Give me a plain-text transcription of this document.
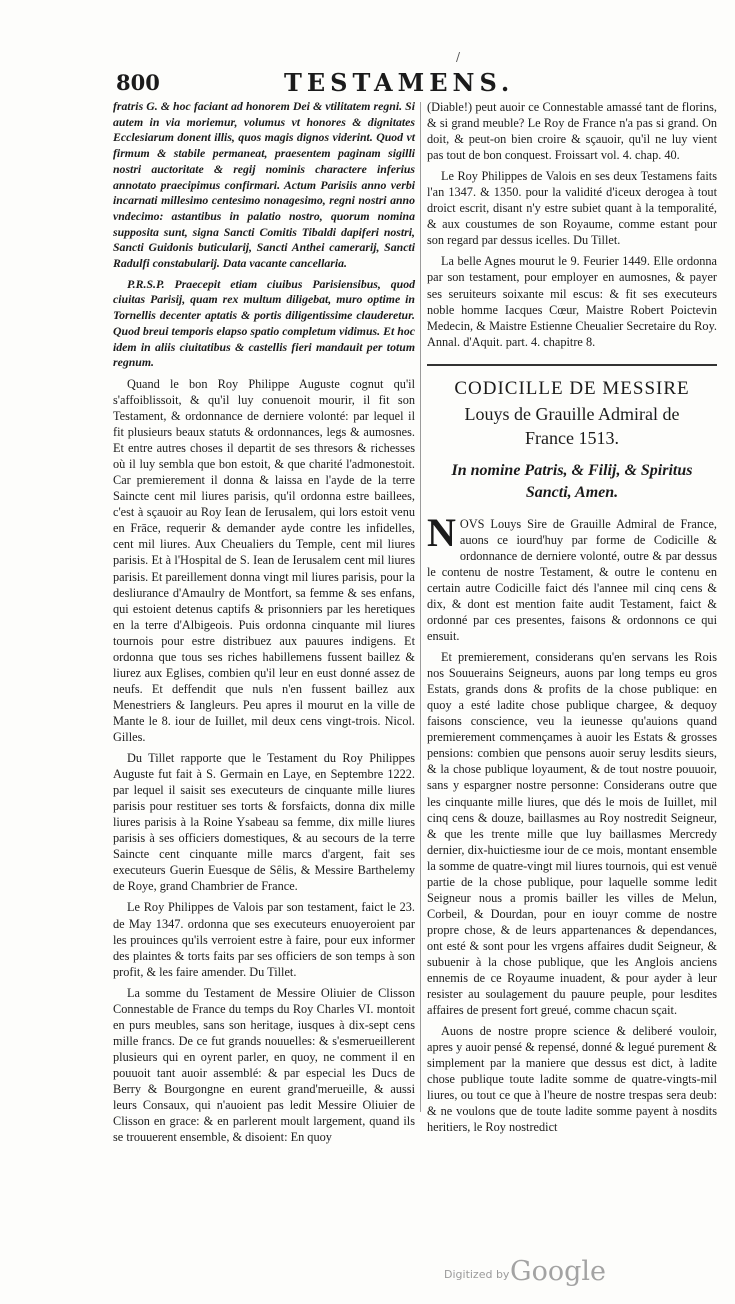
800	TESTAMENS.
/

fratris G. & hoc faciant ad honorem Dei & vtilitatem regni. Si autem in via moriemur, volumus vt honores & dignitates Ecclesiarum donent illis, quos magis dignos viderint. Quod vt firmum & stabile permaneat, praesentem paginam sigilli nostri auctoritate & regij nominis charactere inferius annotato praecipimus confirmari. Actum Parisiis anno verbi incarnati millesimo centesimo nonagesimo, regni nostri anno vndecimo: astantibus in palatio nostro, quorum nomina supposita sunt, signa Sancti Comitis Tibaldi dapiferi nostri, Sancti Guidonis buticularij, Sancti Anthei camerarij, Sancti Radulfi constabularij. Data vacante cancellaria.

P.R.S.P. Praecepit etiam ciuibus Parisiensibus, quod ciuitas Parisij, quam rex multum diligebat, muro optime in Tornellis decenter aptatis & portis diligentissime clauderetur. Quod breui temporis elapso spatio completum vidimus. Et hoc idem in aliis ciuitatibus & castellis fieri mandauit per totum regnum.

Quand le bon Roy Philippe Auguste cognut qu'il s'affoiblissoit, & qu'il luy conuenoit mourir, il fit son Testament, & ordonnance de derniere volonté: par lequel il fit plusieurs beaux statuts & ordonnances, legs & aumosnes. Et entre autres choses il departit de ses thresors & richesses où il luy sembla que bon estoit, & que charité l'admonestoit. Car premierement il donna & laissa en l'ayde de la terre Saincte cent mil liures parisis, qu'il ordonna estre baillees, c'est à sçauoir au Roy Iean de Ierusalem, qui lors estoit venu en Frāce, requerir & demander ayde contre les infidelles, cent mil liures. Aux Cheualiers du Temple, cent mil liures parisis. Et à l'Hospital de S. Iean de Ierusalem cent mil liures parisis. Et pareillement donna vingt mil liures parisis, pour la desliurance d'Amaulry de Montfort, sa femme & ses enfans, qui estoient detenus captifs & prisonniers par les heretiques en la terre d'Albigeois. Puis ordonna cinquante mil liures tournois pour estre distribuez aux pauures indigens. Et ordonna que tous ses riches habillemens fussent baillez & liurez aux Eglises, combien qu'il leur en eust donné assez de neufs. Et deffendit que nuls n'en fussent baillez aux Menestriers & Iangleurs. Peu apres il mourut en la ville de Mante le 8. iour de Iuillet, mil deux cens vingt-trois. Nicol. Gilles.

Du Tillet rapporte que le Testament du Roy Philippes Auguste fut fait à S. Germain en Laye, en Septembre 1222. par lequel il saisit ses executeurs de cinquante mille liures parisis pour restituer ses torts & forsfaicts, donna dix mille liures parisis à la Roine Ysabeau sa femme, dix mille liures parisis à ses officiers domestiques, & au secours de la terre Saincte cent cinquante mille marcs d'argent, fait ses executeurs Guerin Euesque de Sêlis, & Messire Barthelemy de Roye, grand Chambrier de France.

Le Roy Philippes de Valois par son testament, faict le 23. de May 1347. ordonna que ses executeurs enuoyeroient par les prouinces qu'ils verroient estre à faire, pour eux informer des plaintes & torts faits par ses officiers de son temps à son profit, & les faire amender. Du Tillet.

La somme du Testament de Messire Oliuier de Clisson Connestable de France du temps du Roy Charles VI. montoit en purs meubles, sans son heritage, iusques à dix-sept cens mille francs. De ce fut grands nouuelles: & s'esmerueillerent plusieurs qui en oyrent parler, en quoy, ne comment il en pouuoit tant auoir assemblé: & par especial les Ducs de Berry & Bourgongne en eurent grand'merueille, & aussi leurs Consaux, qui n'auoient pas ledit Messire Oliuier de Clisson en grace: & en parlerent moult largement, quand ils se trouuerent ensemble, & disoient: En quoy

(Diable!) peut auoir ce Connestable amassé tant de florins, & si grand meuble? Le Roy de France n'a pas si grand. On doit, & peut-on bien croire & sçauoir, qu'il ne luy vient pas tout de bon conquest. Froissart vol. 4. chap. 40.

Le Roy Philippes de Valois en ses deux Testamens faits l'an 1347. & 1350. pour la validité d'iceux derogea à tout droict escrit, disant n'y estre subiet quant à la temporalité, & aux coustumes de son Royaume, comme estant pour son regard par dessus icelles. Du Tillet.

La belle Agnes mourut le 9. Feurier 1449. Elle ordonna par son testament, pour employer en aumosnes, & payer ses seruiteurs soixante mil escus: & fit ses executeurs noble homme Iacques Cœur, Maistre Robert Poictevin Medecin, & Maistre Estienne Cheualier Secretaire du Roy. Annal. d'Aquit. part. 4. chapitre 8.

CODICILLE DE MESSIRE

Louys de Grauille Admiral de

France 1513.

In nomine Patris, & Filij, & Spiritus Sancti, Amen.

NOVS Louys Sire de Grauille Admiral de France, auons ce iourd'huy par forme de Codicille & ordonnance de derniere volonté, outre & par dessus le contenu de nostre Testament, & outre le contenu en certain autre Codicille faict dés l'annee mil cinq cens & dix, & dont est mention faite audit Testament, faict & ordonné par ces presentes, faisons & ordonnons ce qui ensuit.

Et premierement, considerans qu'en servans les Rois nos Souuerains Seigneurs, auons par long temps eu gros Estats, grands dons & profits de la chose publique: en quoy a esté ladite chose publique chargee, & dequoy faisons conscience, veu la ieunesse qu'auions quand premierement commençames à auoir les Estats & grosses pensions: combien que pensons auoir seruy lesdits sieurs, & la chose publique loyaument, & de tout nostre pouuoir, sans y espargner nostre personne: Considerans outre que les cinquante mille liures, que dés le mois de Iuillet, mil cinq cens & douze, baillasmes au Roy nostredit Seigneur, & que les trente mille que luy baillasmes Mercredy dernier, dix-huictiesme iour de ce mois, montant ensemble la somme de quatre-vingt mil liures tournois, qui est venuë partie de la chose publique, pour laquelle somme ledit Seigneur nous a promis bailler les villes de Melun, Corbeil, & Dourdan, pour en iouyr comme de nostre propre chose, & de leurs appartenances & dependances, ont esté & sont pour les vrgens affaires dudit Seigneur, & subuenir à la chose publique, que les Anglois anciens ennemis de ce Royaume inuadent, & pour ayder à leur resister au soulagement du pauure peuple, pour lesdites affaires de present fort greué, comme chacun sçait.

Auons de nostre propre science & deliberé vouloir, apres y auoir pensé & repensé, donné & legué purement & simplement par la maniere que dessus est dict, à ladite chose publique toute ladite somme de quatre-vingts-mil liures, ou tout ce que à l'heure de nostre trespas sera deub: & ne voulons que de toute ladite somme payent à nosdits heritiers, le Roy nostredict

Digitized by Google
